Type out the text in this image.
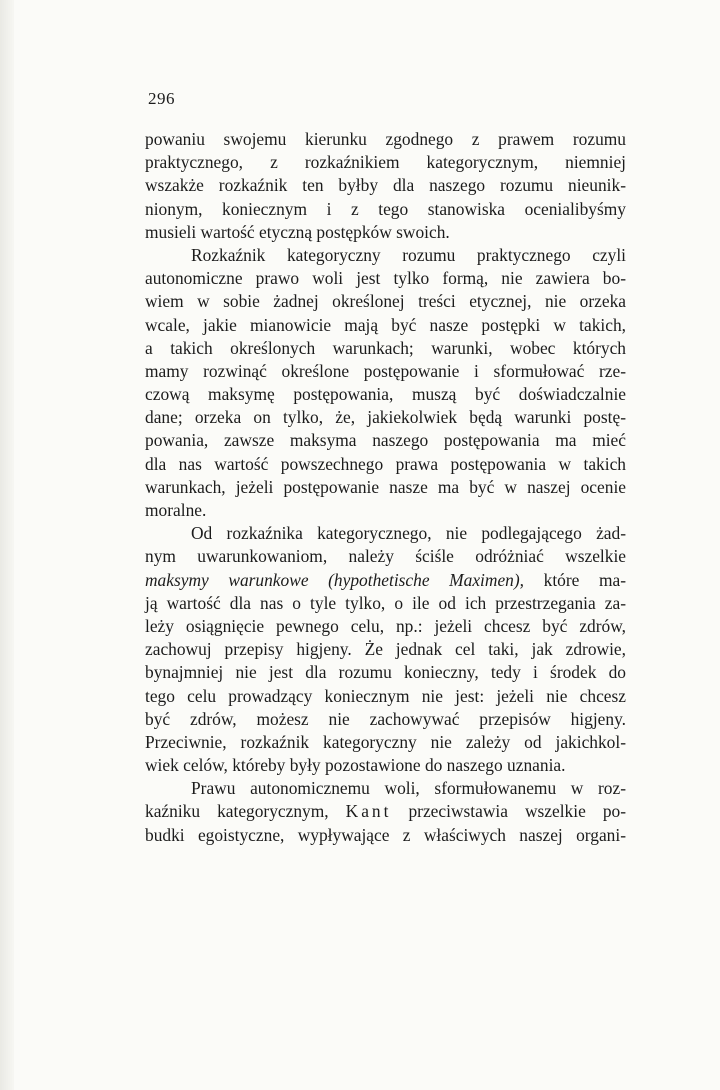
296
powaniu swojemu kierunku zgodnego z prawem rozumu
praktycznego, z rozkaźnikiem kategorycznym, niemniej
wszakże rozkaźnik ten byłby dla naszego rozumu nieunik-
nionym, koniecznym i z tego stanowiska ocenialibyśmy
musieli wartość etyczną postępków swoich.
Rozkaźnik kategoryczny rozumu praktycznego czyli
autonomiczne prawo woli jest tylko formą, nie zawiera bo-
wiem w sobie żadnej określonej treści etycznej, nie orzeka
wcale, jakie mianowicie mają być nasze postępki w takich,
a takich określonych warunkach; warunki, wobec których
mamy rozwinąć określone postępowanie i sformułować rze-
czową maksymę postępowania, muszą być doświadczalnie
dane; orzeka on tylko, że, jakiekolwiek będą warunki postę-
powania, zawsze maksyma naszego postępowania ma mieć
dla nas wartość powszechnego prawa postępowania w takich
warunkach, jeżeli postępowanie nasze ma być w naszej ocenie
moralne.
Od rozkaźnika kategorycznego, nie podlegającego żad-
nym uwarunkowaniom, należy ściśle odróżniać wszelkie
maksymy warunkowe (hypothetische Maximen), które ma-
ją wartość dla nas o tyle tylko, o ile od ich przestrzegania za-
leży osiągnięcie pewnego celu, np.: jeżeli chcesz być zdrów,
zachowuj przepisy higjeny. Że jednak cel taki, jak zdrowie,
bynajmniej nie jest dla rozumu konieczny, tedy i środek do
tego celu prowadzący koniecznym nie jest: jeżeli nie chcesz
być zdrów, możesz nie zachowywać przepisów higjeny.
Przeciwnie, rozkaźnik kategoryczny nie zależy od jakichkol-
wiek celów, któreby były pozostawione do naszego uznania.
Prawu autonomicznemu woli, sformułowanemu w roz-
kaźniku kategorycznym, Kant przeciwstawia wszelkie po-
budki egoistyczne, wypływające z właściwych naszej organi-
